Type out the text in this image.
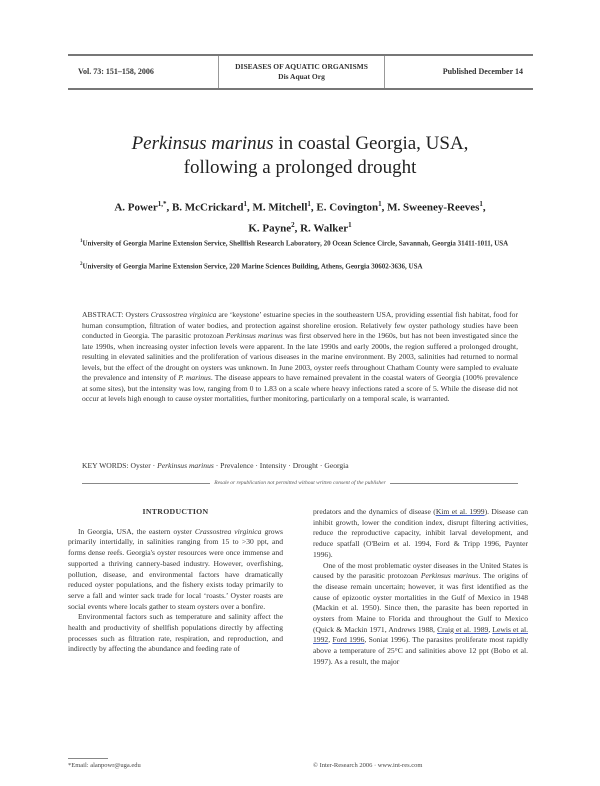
Vol. 73: 151–158, 2006
DISEASES OF AQUATIC ORGANISMS
Dis Aquat Org
Published December 14
Perkinsus marinus in coastal Georgia, USA,
following a prolonged drought
A. Power$^{1,*}$, B. McCrickard$^1$, M. Mitchell$^1$, E. Covington$^1$, M. Sweeney-Reeves$^1$,
K. Payne$^2$, R. Walker$^1$
$^1$University of Georgia Marine Extension Service, Shellfish Research Laboratory, 20 Ocean Science Circle, Savannah, Georgia 31411-1011, USA
$^2$University of Georgia Marine Extension Service, 220 Marine Sciences Building, Athens, Georgia 30602-3636, USA
ABSTRACT: Oysters Crassostrea virginica are ‘keystone’ estuarine species in the southeastern USA, providing essential fish habitat, food for human consumption, filtration of water bodies, and protection against shoreline erosion. Relatively few oyster pathology studies have been conducted in Georgia. The parasitic protozoan Perkinsus marinus was first observed here in the 1960s, but has not been investigated since the late 1990s, when increasing oyster infection levels were apparent. In the late 1990s and early 2000s, the region suffered a prolonged drought, resulting in elevated salinities and the proliferation of various diseases in the marine environment. By 2003, salinities had returned to normal levels, but the effect of the drought on oysters was unknown. In June 2003, oyster reefs throughout Chatham County were sampled to evaluate the prevalence and intensity of P. marinus. The disease appears to have remained prevalent in the coastal waters of Georgia (100% prevalence at some sites), but the intensity was low, ranging from 0 to 1.83 on a scale where heavy infections rated a score of 5. While the disease did not occur at levels high enough to cause oyster mortalities, further monitoring, particularly on a temporal scale, is warranted.
KEY WORDS: Oyster · Perkinsus marinus · Prevalence · Intensity · Drought · Georgia
Resale or republication not permitted without written consent of the publisher
INTRODUCTION

In Georgia, USA, the eastern oyster Crassostrea virginica grows primarily intertidally, in salinities ranging from 15 to >30 ppt, and forms dense reefs. Georgia's oyster resources were once immense and supported a thriving cannery-based industry. However, overfishing, pollution, disease, and environmental factors have dramatically reduced oyster populations, and the fishery exists today primarily to serve a fall and winter sack trade for local ‘roasts.’ Oyster roasts are social events where locals gather to steam oysters over a bonfire.

Environmental factors such as temperature and salinity affect the health and productivity of shellfish populations directly by affecting processes such as filtration rate, respiration, and reproduction, and indirectly by affecting the abundance and feeding rate of

predators and the dynamics of disease (Kim et al. 1999). Disease can inhibit growth, lower the condition index, disrupt filtering activities, reduce the reproductive capacity, inhibit larval development, and reduce spatfall (O'Beirn et al. 1994, Ford & Tripp 1996, Paynter 1996).

One of the most problematic oyster diseases in the United States is caused by the parasitic protozoan Perkinsus marinus. The origins of the disease remain uncertain; however, it was first identified as the cause of epizootic oyster mortalities in the Gulf of Mexico in 1948 (Mackin et al. 1950). Since then, the parasite has been reported in oysters from Maine to Florida and throughout the Gulf to Mexico (Quick & Mackin 1971, Andrews 1988, Craig et al. 1989, Lewis et al. 1992, Ford 1996, Soniat 1996). The parasites proliferate most rapidly above a temperature of 25°C and salinities above 12 ppt (Bobo et al. 1997). As a result, the major

*Email: alanpowr@uga.edu	© Inter-Research 2006 · www.int-res.com
